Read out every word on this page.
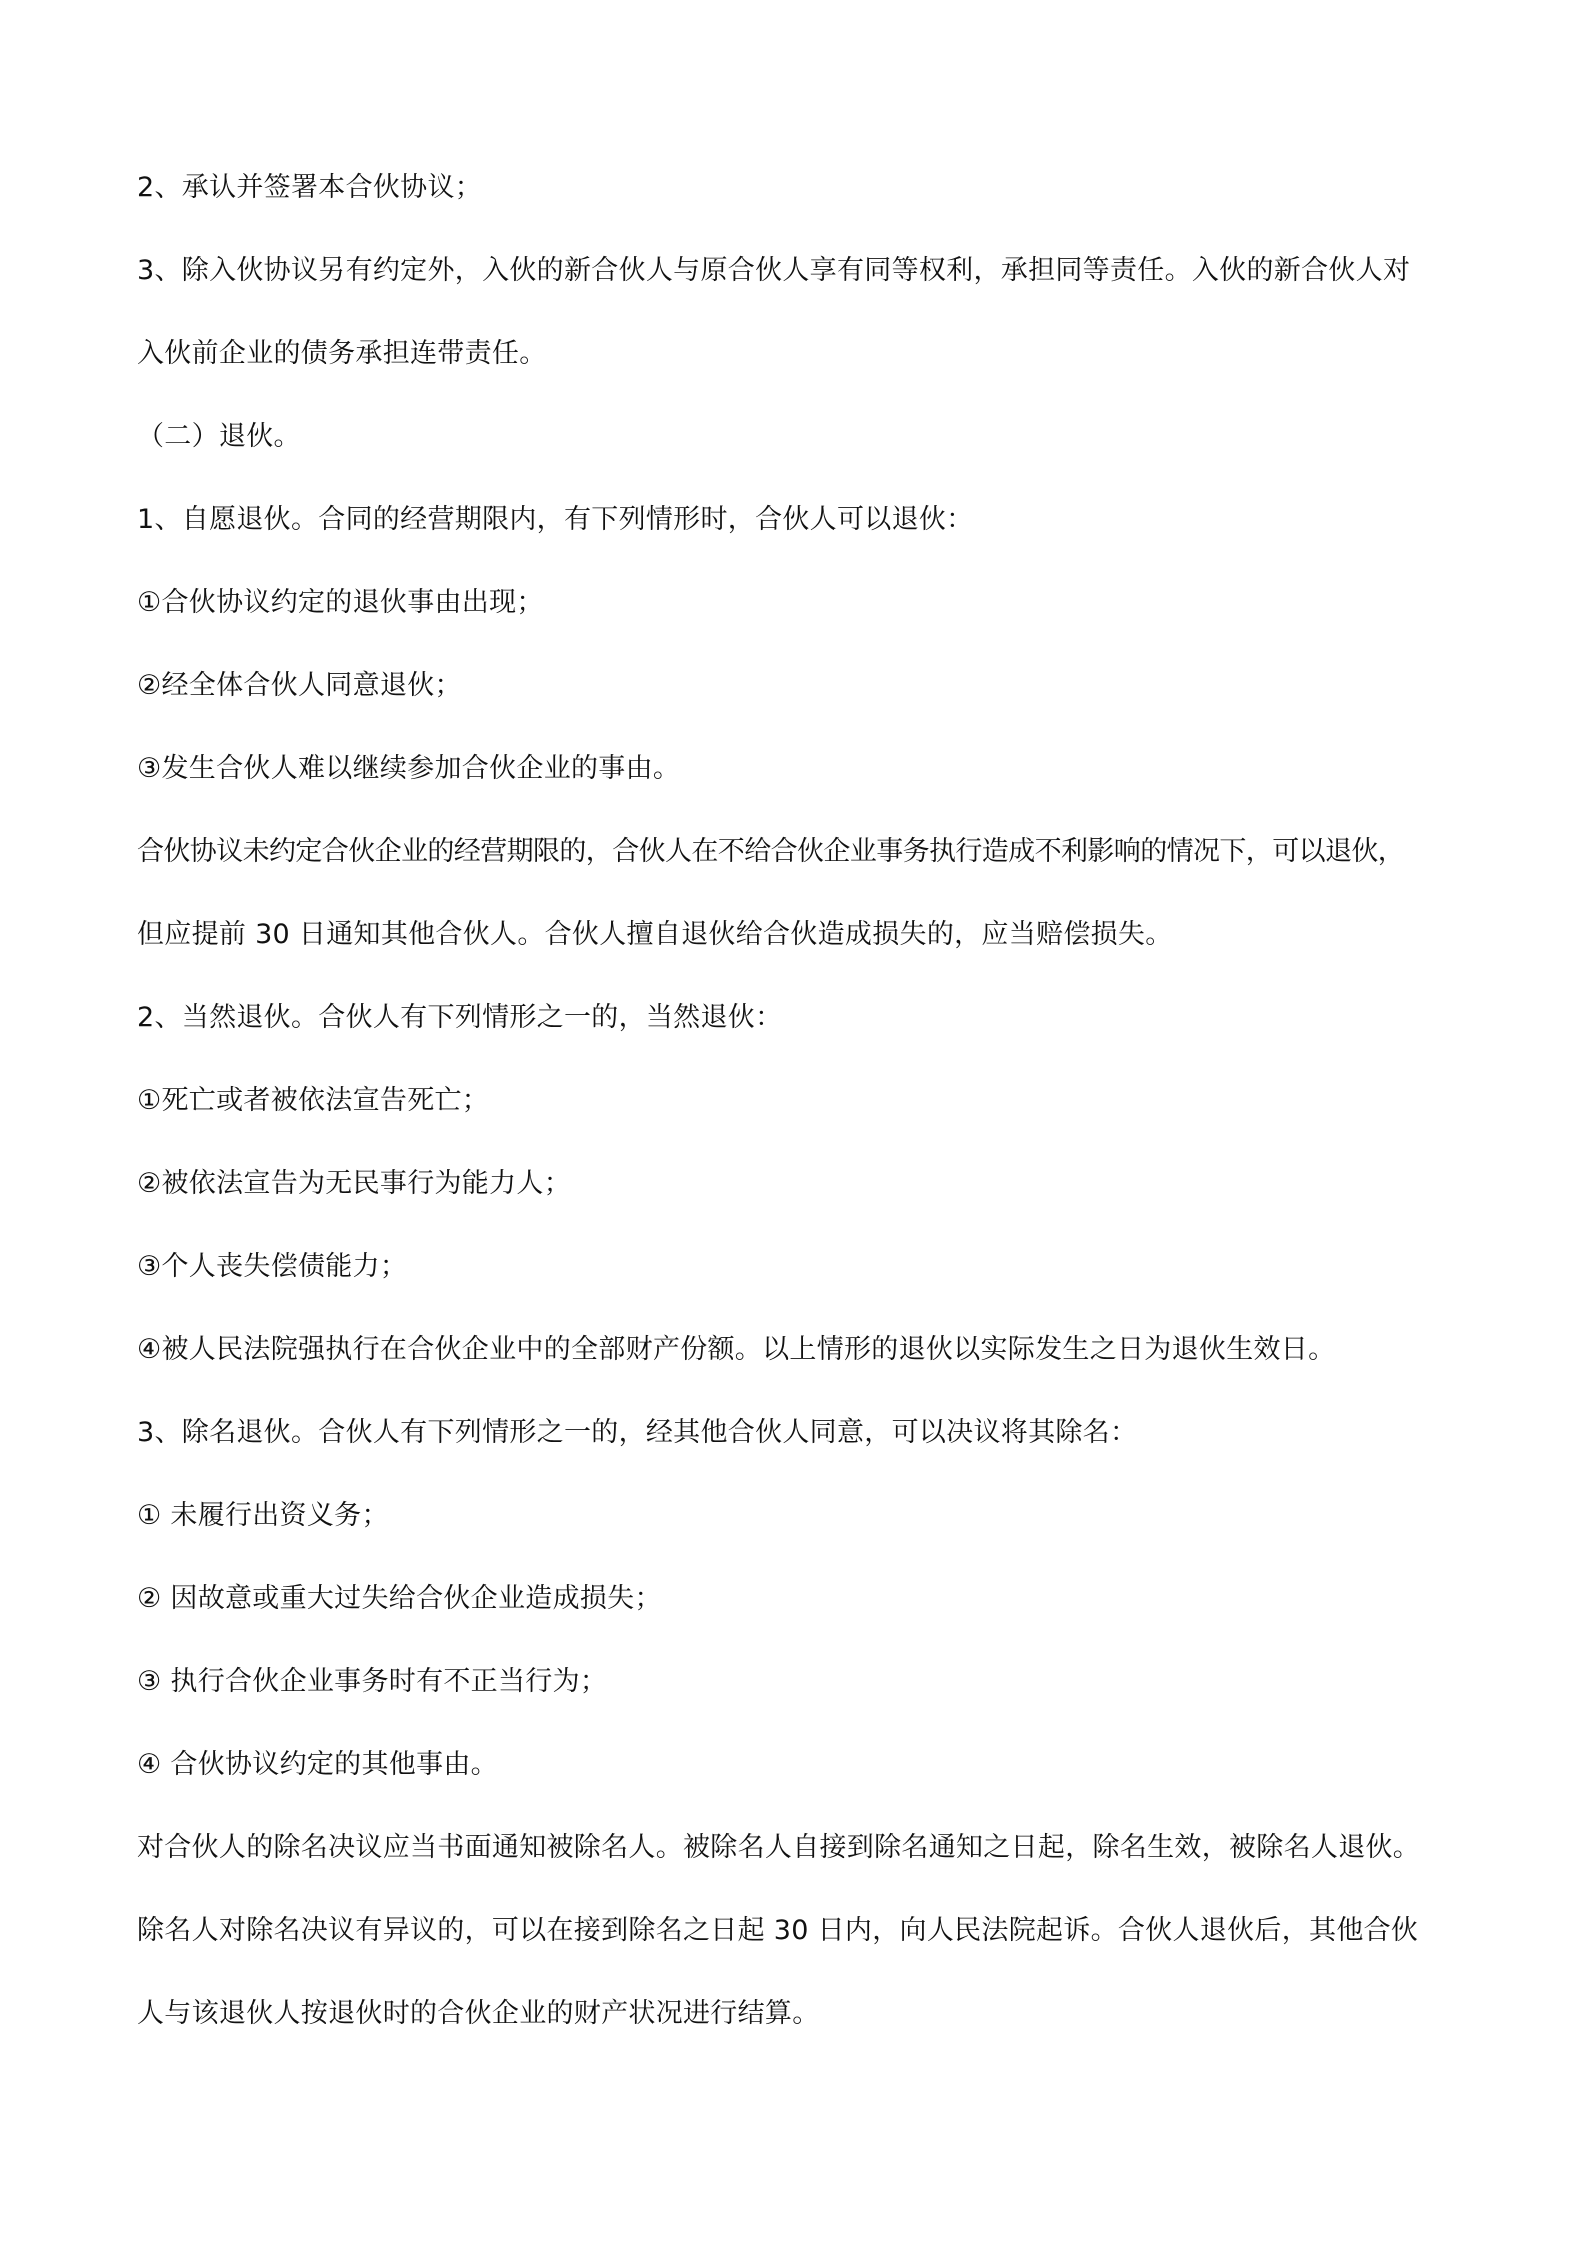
2、承认并签署本合伙协议；

3、除入伙协议另有约定外，入伙的新合伙人与原合伙人享有同等权利，承担同等责任。入伙的新合伙人对

入伙前企业的债务承担连带责任。

（二）退伙。

1、自愿退伙。合同的经营期限内，有下列情形时，合伙人可以退伙：

①合伙协议约定的退伙事由出现；

②经全体合伙人同意退伙；

③发生合伙人难以继续参加合伙企业的事由。

合伙协议未约定合伙企业的经营期限的，合伙人在不给合伙企业事务执行造成不利影响的情况下，可以退伙，

但应提前 30 日通知其他合伙人。合伙人擅自退伙给合伙造成损失的，应当赔偿损失。

2、当然退伙。合伙人有下列情形之一的，当然退伙：

①死亡或者被依法宣告死亡；

②被依法宣告为无民事行为能力人；

③个人丧失偿债能力；

④被人民法院强执行在合伙企业中的全部财产份额。以上情形的退伙以实际发生之日为退伙生效日。

3、除名退伙。合伙人有下列情形之一的，经其他合伙人同意，可以决议将其除名：

① 未履行出资义务；

② 因故意或重大过失给合伙企业造成损失；

③ 执行合伙企业事务时有不正当行为；

④ 合伙协议约定的其他事由。

对合伙人的除名决议应当书面通知被除名人。被除名人自接到除名通知之日起，除名生效，被除名人退伙。

除名人对除名决议有异议的，可以在接到除名之日起 30 日内，向人民法院起诉。合伙人退伙后，其他合伙

人与该退伙人按退伙时的合伙企业的财产状况进行结算。
